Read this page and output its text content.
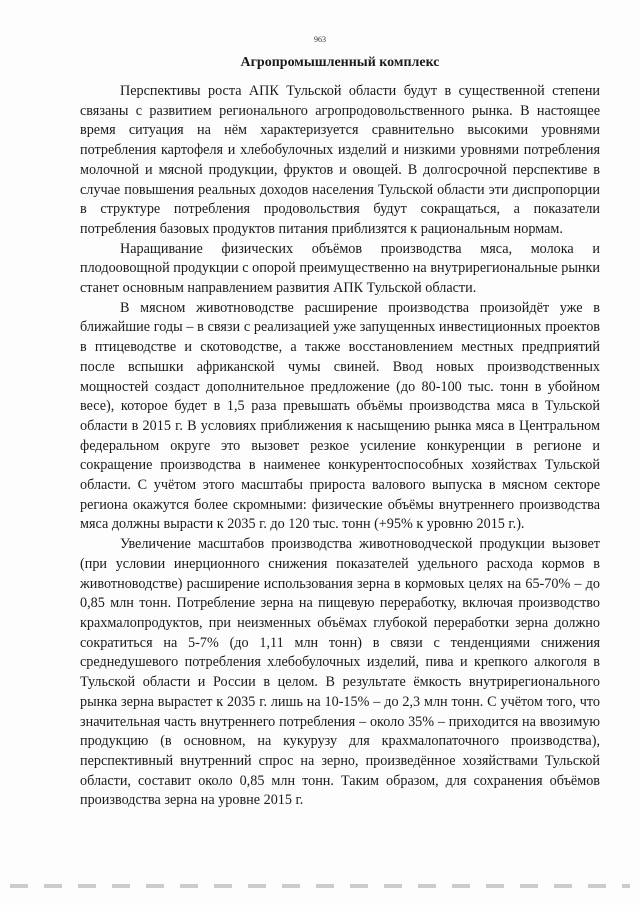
963
Агропромышленный комплекс

Перспективы роста АПК Тульской области будут в существенной степени связаны с развитием регионального агропродовольственного рынка. В настоящее время ситуация на нём характеризуется сравнительно высокими уровнями потребления картофеля и хлебобулочных изделий и низкими уровнями потребления молочной и мясной продукции, фруктов и овощей. В долгосрочной перспективе в случае повышения реальных доходов населения Тульской области эти диспропорции в структуре потребления продовольствия будут сокращаться, а показатели потребления базовых продуктов питания приблизятся к рациональным нормам.

Наращивание физических объёмов производства мяса, молока и плодоовощной продукции с опорой преимущественно на внутрирегиональные рынки станет основным направлением развития АПК Тульской области.

В мясном животноводстве расширение производства произойдёт уже в ближайшие годы – в связи с реализацией уже запущенных инвестиционных проектов в птицеводстве и скотоводстве, а также восстановлением местных предприятий после вспышки африканской чумы свиней. Ввод новых производственных мощностей создаст дополнительное предложение (до 80-100 тыс. тонн в убойном весе), которое будет в 1,5 раза превышать объёмы производства мяса в Тульской области в 2015 г. В условиях приближения к насыщению рынка мяса в Центральном федеральном округе это вызовет резкое усиление конкуренции в регионе и сокращение производства в наименее конкурентоспособных хозяйствах Тульской области. С учётом этого масштабы прироста валового выпуска в мясном секторе региона окажутся более скромными: физические объёмы внутреннего производства мяса должны вырасти к 2035 г. до 120 тыс. тонн (+95% к уровню 2015 г.).

Увеличение масштабов производства животноводческой продукции вызовет (при условии инерционного снижения показателей удельного расхода кормов в животноводстве) расширение использования зерна в кормовых целях на 65-70% – до 0,85 млн тонн. Потребление зерна на пищевую переработку, включая производство крахмалопродуктов, при неизменных объёмах глубокой переработки зерна должно сократиться на 5-7% (до 1,11 млн тонн) в связи с тенденциями снижения среднедушевого потребления хлебобулочных изделий, пива и крепкого алкоголя в Тульской области и России в целом. В результате ёмкость внутрирегионального рынка зерна вырастет к 2035 г. лишь на 10-15% – до 2,3 млн тонн. С учётом того, что значительная часть внутреннего потребления – около 35% – приходится на ввозимую продукцию (в основном, на кукурузу для крахмалопаточного производства), перспективный внутренний спрос на зерно, произведённое хозяйствами Тульской области, составит около 0,85 млн тонн. Таким образом, для сохранения объёмов производства зерна на уровне 2015 г.
